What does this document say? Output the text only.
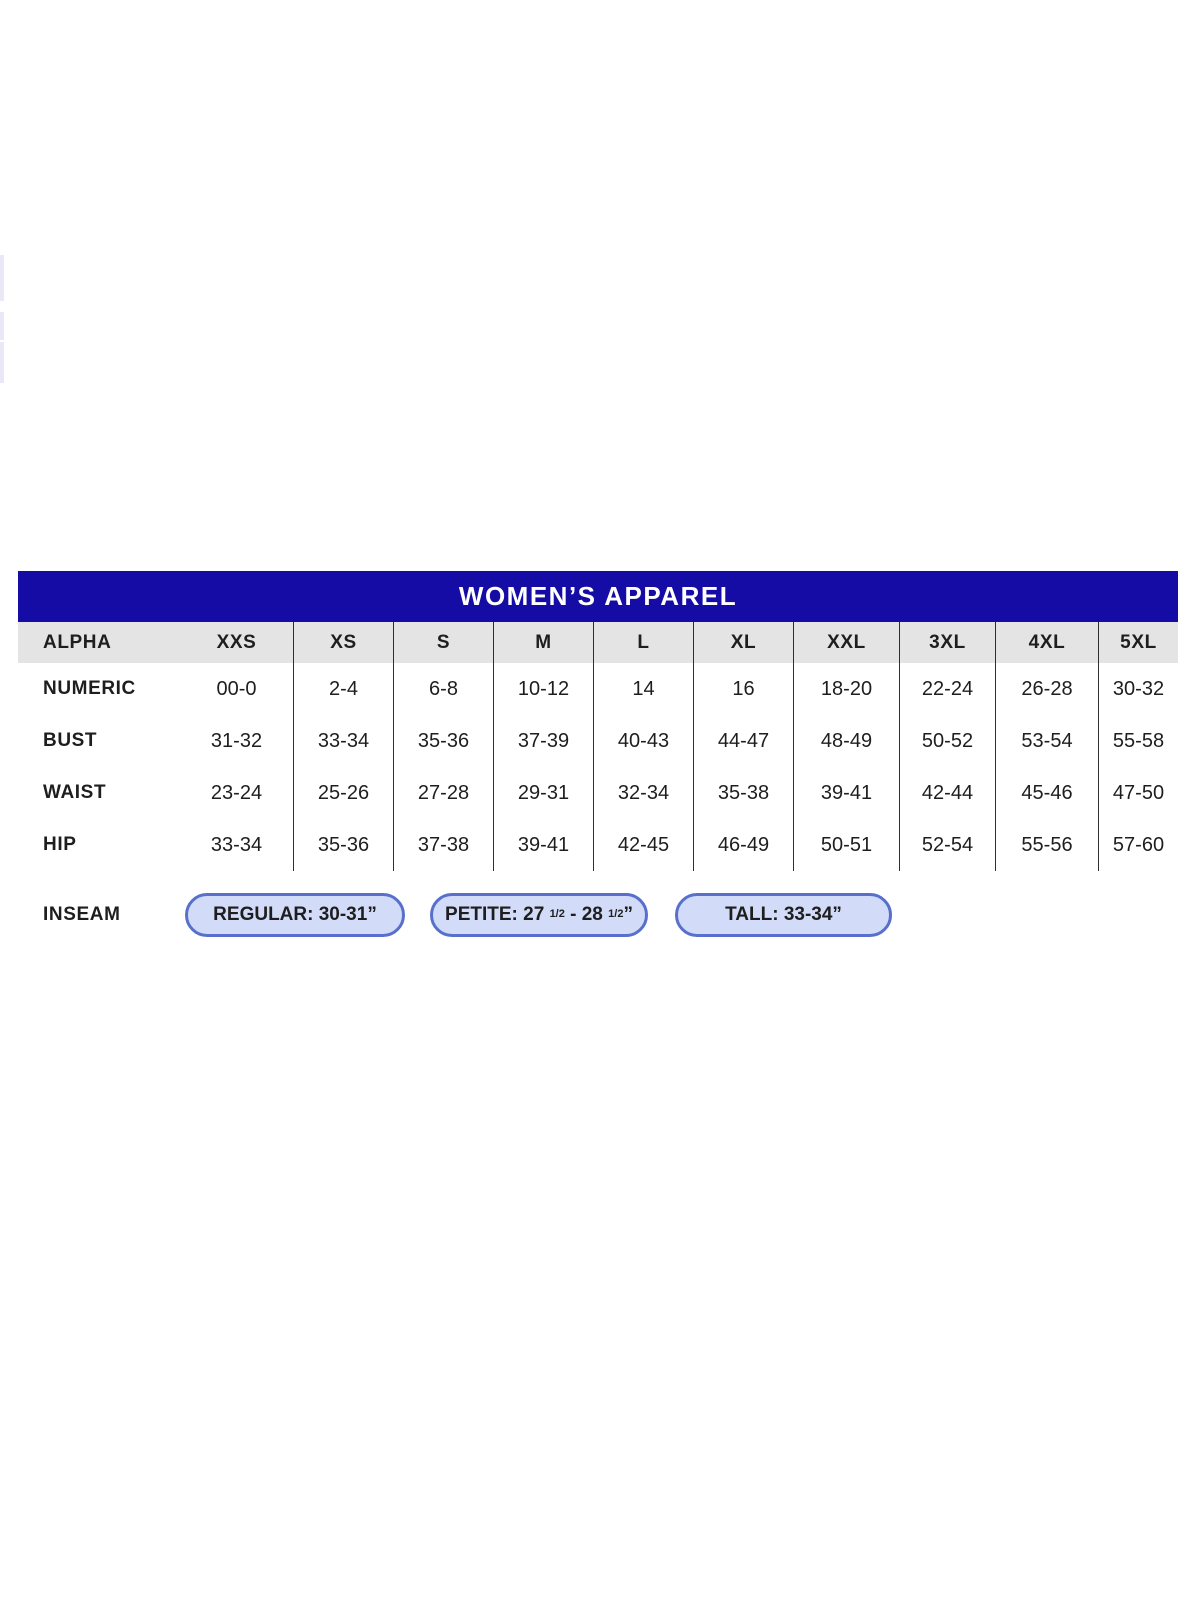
WOMEN’S APPAREL
ALPHA	XXS	XS	S	M	L	XL	XXL	3XL	4XL	5XL
NUMERIC	00-0	2-4	6-8	10-12	14	16	18-20	22-24	26-28	30-32
BUST	31-32	33-34	35-36	37-39	40-43	44-47	48-49	50-52	53-54	55-58
WAIST	23-24	25-26	27-28	29-31	32-34	35-38	39-41	42-44	45-46	47-50
HIP	33-34	35-36	37-38	39-41	42-45	46-49	50-51	52-54	55-56	57-60
INSEAM	REGULAR: 30-31”	PETITE: 27 $^{1/2}$ - 28 $^{1/2}$ ”	TALL: 33-34”
